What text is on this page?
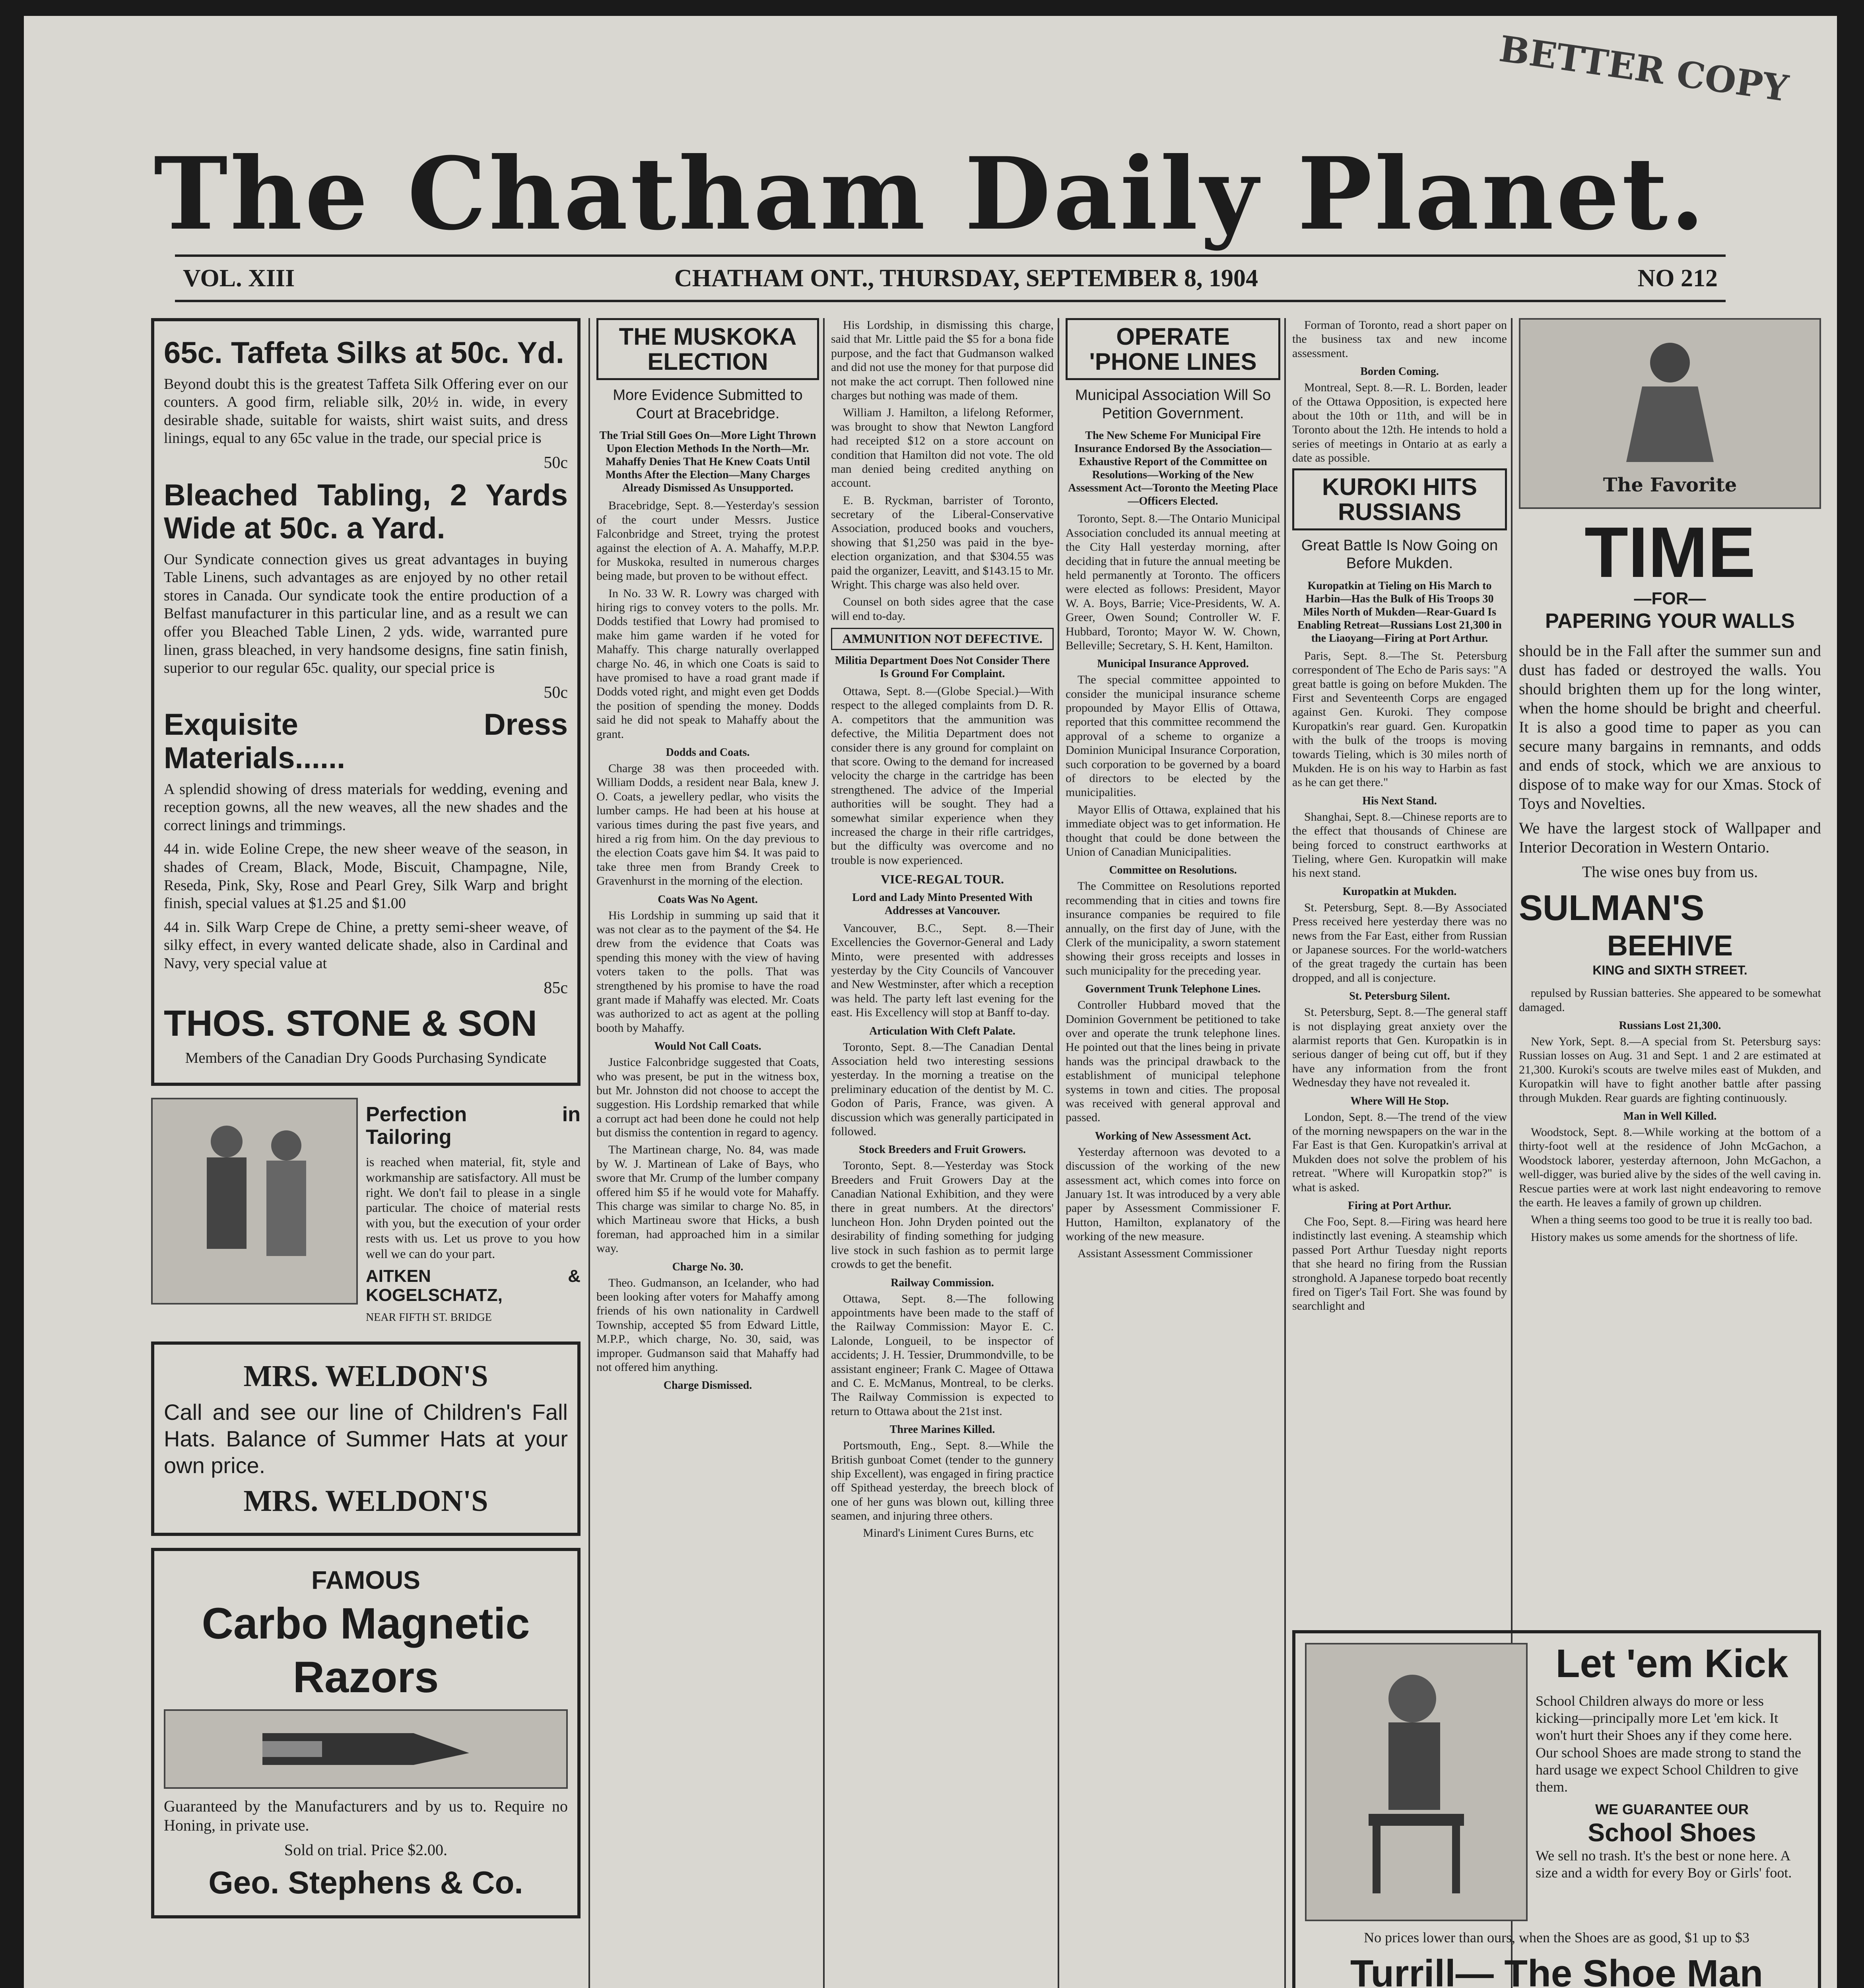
BETTER COPY
The Chatham Daily Planet.
VOL. XIII	CHATHAM ONT., THURSDAY, SEPTEMBER 8, 1904	NO 212
65c. Taffeta Silks at 50c. Yd.
Beyond doubt this is the greatest Taffeta Silk Offering ever on our counters. A good firm, reliable silk, 20½ in. wide, in every desirable shade, suitable for waists, shirt waist suits, and dress linings, equal to any 65c value in the trade, our special price is
50c
Bleached Tabling, 2 Yards Wide at 50c. a Yard.
Our Syndicate connection gives us great advantages in buying Table Linens, such advantages as are enjoyed by no other retail stores in Canada. Our syndicate took the entire production of a Belfast manufacturer in this particular line, and as a result we can offer you Bleached Table Linen, 2 yds. wide, warranted pure linen, grass bleached, in very handsome designs, fine satin finish, superior to our regular 65c. quality, our special price is
50c
Exquisite Dress Materials......
A splendid showing of dress materials for wedding, evening and reception gowns, all the new weaves, all the new shades and the correct linings and trimmings.
44 in. wide Eoline Crepe, the new sheer weave of the season, in shades of Cream, Black, Mode, Biscuit, Champagne, Nile, Reseda, Pink, Sky, Rose and Pearl Grey, Silk Warp and bright finish, special values at $1.25 and $1.00
44 in. Silk Warp Crepe de Chine, a pretty semi-sheer weave, of silky effect, in every wanted delicate shade, also in Cardinal and Navy, very special value at
85c
THOS. STONE & SON
Members of the Canadian Dry Goods Purchasing Syndicate
Perfection in Tailoring
is reached when material, fit, style and workmanship are satisfactory. All must be right. We don't fail to please in a single particular. The choice of material rests with you, but the execution of your order rests with us. Let us prove to you how well we can do your part.
AITKEN & KOGELSCHATZ,
NEAR FIFTH ST. BRIDGE
MRS. WELDON'S
Call and see our line of Children's Fall Hats. Balance of Summer Hats at your own price.
MRS. WELDON'S
FAMOUS
Carbo Magnetic
Razors
Guaranteed by the Manufacturers and by us to. Require no Honing, in private use.
Sold on trial. Price $2.00.
Geo. Stephens & Co.
THE MUSKOKA ELECTION
More Evidence Submitted to Court at Bracebridge.
The Trial Still Goes On—More Light Thrown Upon Election Methods In the North—Mr. Mahaffy Denies That He Knew Coats Until Months After the Election—Many Charges Already Dismissed As Unsupported.

Bracebridge, Sept. 8.—Yesterday's session of the court under Messrs. Justice Falconbridge and Street, trying the protest against the election of A. A. Mahaffy, M.P.P. for Muskoka, resulted in numerous charges being made, but proven to be without effect.

In No. 33 W. R. Lowry was charged with hiring rigs to convey voters to the polls. Mr. Dodds testified that Lowry had promised to make him game warden if he voted for Mahaffy. This charge naturally overlapped charge No. 46, in which one Coats is said to have promised to have a road grant made if Dodds voted right, and might even get Dodds the position of spending the money. Dodds said he did not speak to Mahaffy about the grant.

Dodds and Coats.

Charge 38 was then proceeded with. William Dodds, a resident near Bala, knew J. O. Coats, a jewellery pedlar, who visits the lumber camps. He had been at his house at various times during the past five years, and hired a rig from him. On the day previous to the election Coats gave him $4. It was paid to take three men from Brandy Creek to Gravenhurst in the morning of the election.

Coats Was No Agent.

His Lordship in summing up said that it was not clear as to the payment of the $4. He drew from the evidence that Coats was spending this money with the view of having voters taken to the polls. That was strengthened by his promise to have the road grant made if Mahaffy was elected. Mr. Coats was authorized to act as agent at the polling booth by Mahaffy.

Would Not Call Coats.

Justice Falconbridge suggested that Coats, who was present, be put in the witness box, but Mr. Johnston did not choose to accept the suggestion. His Lordship remarked that while a corrupt act had been done he could not help but dismiss the contention in regard to agency.

The Martinean charge, No. 84, was made by W. J. Martinean of Lake of Bays, who swore that Mr. Crump of the lumber company offered him $5 if he would vote for Mahaffy. This charge was similar to charge No. 85, in which Martineau swore that Hicks, a bush foreman, had approached him in a similar way.

Charge No. 30.

Theo. Gudmanson, an Icelander, who had been looking after voters for Mahaffy among friends of his own nationality in Cardwell Township, accepted $5 from Edward Little, M.P.P., which charge, No. 30, said, was improper. Gudmanson said that Mahaffy had not offered him anything.

Charge Dismissed.

His Lordship, in dismissing this charge, said that Mr. Little paid the $5 for a bona fide purpose, and the fact that Gudmanson walked and did not use the money for that purpose did not make the act corrupt. Then followed nine charges but nothing was made of them.

William J. Hamilton, a lifelong Reformer, was brought to show that Newton Langford had receipted $12 on a store account on condition that Hamilton did not vote. The old man denied being credited anything on account.

E. B. Ryckman, barrister of Toronto, secretary of the Liberal-Conservative Association, produced books and vouchers, showing that $1,250 was paid in the bye-election organization, and that $304.55 was paid the organizer, Leavitt, and $143.15 to Mr. Wright. This charge was also held over.

Counsel on both sides agree that the case will end to-day.

AMMUNITION NOT DEFECTIVE.
Militia Department Does Not Consider There Is Ground For Complaint.

Ottawa, Sept. 8.—(Globe Special.)—With respect to the alleged complaints from D. R. A. competitors that the ammunition was defective, the Militia Department does not consider there is any ground for complaint on that score. Owing to the demand for increased velocity the charge in the cartridge has been strengthened. The advice of the Imperial authorities will be sought. They had a somewhat similar experience when they increased the charge in their rifle cartridges, but the difficulty was overcome and no trouble is now experienced.

VICE-REGAL TOUR.
Lord and Lady Minto Presented With Addresses at Vancouver.

Vancouver, B.C., Sept. 8.—Their Excellencies the Governor-General and Lady Minto, were presented with addresses yesterday by the City Councils of Vancouver and New Westminster, after which a reception was held. The party left last evening for the east. His Excellency will stop at Banff to-day.

Articulation With Cleft Palate.

Toronto, Sept. 8.—The Canadian Dental Association held two interesting sessions yesterday. In the morning a treatise on the preliminary education of the dentist by M. C. Godon of Paris, France, was given. A discussion which was generally participated in followed.

Stock Breeders and Fruit Growers.

Toronto, Sept. 8.—Yesterday was Stock Breeders and Fruit Growers Day at the Canadian National Exhibition, and they were there in great numbers. At the directors' luncheon Hon. John Dryden pointed out the desirability of finding something for judging live stock in such fashion as to permit large crowds to get the benefit.

Railway Commission.

Ottawa, Sept. 8.—The following appointments have been made to the staff of the Railway Commission: Mayor E. C. Lalonde, Longueil, to be inspector of accidents; J. H. Tessier, Drummondville, to be assistant engineer; Frank C. Magee of Ottawa and C. E. McManus, Montreal, to be clerks. The Railway Commission is expected to return to Ottawa about the 21st inst.

Three Marines Killed.

Portsmouth, Eng., Sept. 8.—While the British gunboat Comet (tender to the gunnery ship Excellent), was engaged in firing practice off Spithead yesterday, the breech block of one of her guns was blown out, killing three seamen, and injuring three others.

Minard's Liniment Cures Burns, etc

OPERATE 'PHONE LINES
Municipal Association Will So Petition Government.
The New Scheme For Municipal Fire Insurance Endorsed By the Association—Exhaustive Report of the Committee on Resolutions—Working of the New Assessment Act—Toronto the Meeting Place—Officers Elected.

Toronto, Sept. 8.—The Ontario Municipal Association concluded its annual meeting at the City Hall yesterday morning, after deciding that in future the annual meeting be held permanently at Toronto. The officers were elected as follows: President, Mayor W. A. Boys, Barrie; Vice-Presidents, W. A. Greer, Owen Sound; Controller W. F. Hubbard, Toronto; Mayor W. W. Chown, Belleville; Secretary, S. H. Kent, Hamilton.

Municipal Insurance Approved.

The special committee appointed to consider the municipal insurance scheme propounded by Mayor Ellis of Ottawa, reported that this committee recommend the approval of a scheme to organize a Dominion Municipal Insurance Corporation, such corporation to be governed by a board of directors to be elected by the municipalities.

Mayor Ellis of Ottawa, explained that his immediate object was to get information. He thought that could be done between the Union of Canadian Municipalities.

Committee on Resolutions.

The Committee on Resolutions reported recommending that in cities and towns fire insurance companies be required to file annually, on the first day of June, with the Clerk of the municipality, a sworn statement showing their gross receipts and losses in such municipality for the preceding year.

Government Trunk Telephone Lines.

Controller Hubbard moved that the Dominion Government be petitioned to take over and operate the trunk telephone lines. He pointed out that the lines being in private hands was the principal drawback to the establishment of municipal telephone systems in town and cities. The proposal was received with general approval and passed.

Working of New Assessment Act.

Yesterday afternoon was devoted to a discussion of the working of the new assessment act, which comes into force on January 1st. It was introduced by a very able paper by Assessment Commissioner F. Hutton, Hamilton, explanatory of the working of the new measure.

Assistant Assessment Commissioner

Forman of Toronto, read a short paper on the business tax and new income assessment.

Borden Coming.

Montreal, Sept. 8.—R. L. Borden, leader of the Ottawa Opposition, is expected here about the 10th or 11th, and will be in Toronto about the 12th. He intends to hold a series of meetings in Ontario at as early a date as possible.

KUROKI HITS RUSSIANS
Great Battle Is Now Going on Before Mukden.
Kuropatkin at Tieling on His March to Harbin—Has the Bulk of His Troops 30 Miles North of Mukden—Rear-Guard Is Enabling Retreat—Russians Lost 21,300 in the Liaoyang—Firing at Port Arthur.

Paris, Sept. 8.—The St. Petersburg correspondent of The Echo de Paris says: "A great battle is going on before Mukden. The First and Seventeenth Corps are engaged against Gen. Kuroki. They compose Kuropatkin's rear guard. Gen. Kuropatkin with the bulk of the troops is moving towards Tieling, which is 30 miles north of Mukden. He is on his way to Harbin as fast as he can get there."

His Next Stand.

Shanghai, Sept. 8.—Chinese reports are to the effect that thousands of Chinese are being forced to construct earthworks at Tieling, where Gen. Kuropatkin will make his next stand.

Kuropatkin at Mukden.

St. Petersburg, Sept. 8.—By Associated Press received here yesterday there was no news from the Far East, either from Russian or Japanese sources. For the world-watchers of the great tragedy the curtain has been dropped, and all is conjecture.

St. Petersburg Silent.

St. Petersburg, Sept. 8.—The general staff is not displaying great anxiety over the alarmist reports that Gen. Kuropatkin is in serious danger of being cut off, but if they have any information from the front Wednesday they have not revealed it.

Where Will He Stop.

London, Sept. 8.—The trend of the view of the morning newspapers on the war in the Far East is that Gen. Kuropatkin's arrival at Mukden does not solve the problem of his retreat. "Where will Kuropatkin stop?" is what is asked.

Firing at Port Arthur.

Che Foo, Sept. 8.—Firing was heard here indistinctly last evening. A steamship which passed Port Arthur Tuesday night reports that she heard no firing from the Russian stronghold. A Japanese torpedo boat recently fired on Tiger's Tail Fort. She was found by searchlight and

The Favorite
TIME
—FOR—
PAPERING YOUR WALLS

should be in the Fall after the summer sun and dust has faded or destroyed the walls. You should brighten them up for the long winter, when the home should be bright and cheerful. It is also a good time to paper as you can secure many bargains in remnants, and odds and ends of stock, which we are anxious to dispose of to make way for our Xmas. Stock of Toys and Novelties.

We have the largest stock of Wallpaper and Interior Decoration in Western Ontario.

The wise ones buy from us.

SULMAN'S
BEEHIVE
KING and SIXTH STREET.

repulsed by Russian batteries. She appeared to be somewhat damaged.

Russians Lost 21,300.

New York, Sept. 8.—A special from St. Petersburg says: Russian losses on Aug. 31 and Sept. 1 and 2 are estimated at 21,300. Kuroki's scouts are twelve miles east of Mukden, and Kuropatkin will have to fight another battle after passing through Mukden. Rear guards are fighting continuously.

Man in Well Killed.

Woodstock, Sept. 8.—While working at the bottom of a thirty-foot well at the residence of John McGachon, a Woodstock laborer, yesterday afternoon, John McGachon, a well-digger, was buried alive by the sides of the well caving in. Rescue parties were at work last night endeavoring to remove the earth. He leaves a family of grown up children.

When a thing seems too good to be true it is really too bad.

History makes us some amends for the shortness of life.

Let 'em Kick

School Children always do more or less kicking—principally more Let 'em kick. It won't hurt their Shoes any if they come here. Our school Shoes are made strong to stand the hard usage we expect School Children to give them.

WE GUARANTEE OUR
School Shoes

We sell no trash. It's the best or none here. A size and a width for every Boy or Girls' foot.

No prices lower than ours, when the Shoes are as good, $1 up to $3

Turrill— The Shoe Man
